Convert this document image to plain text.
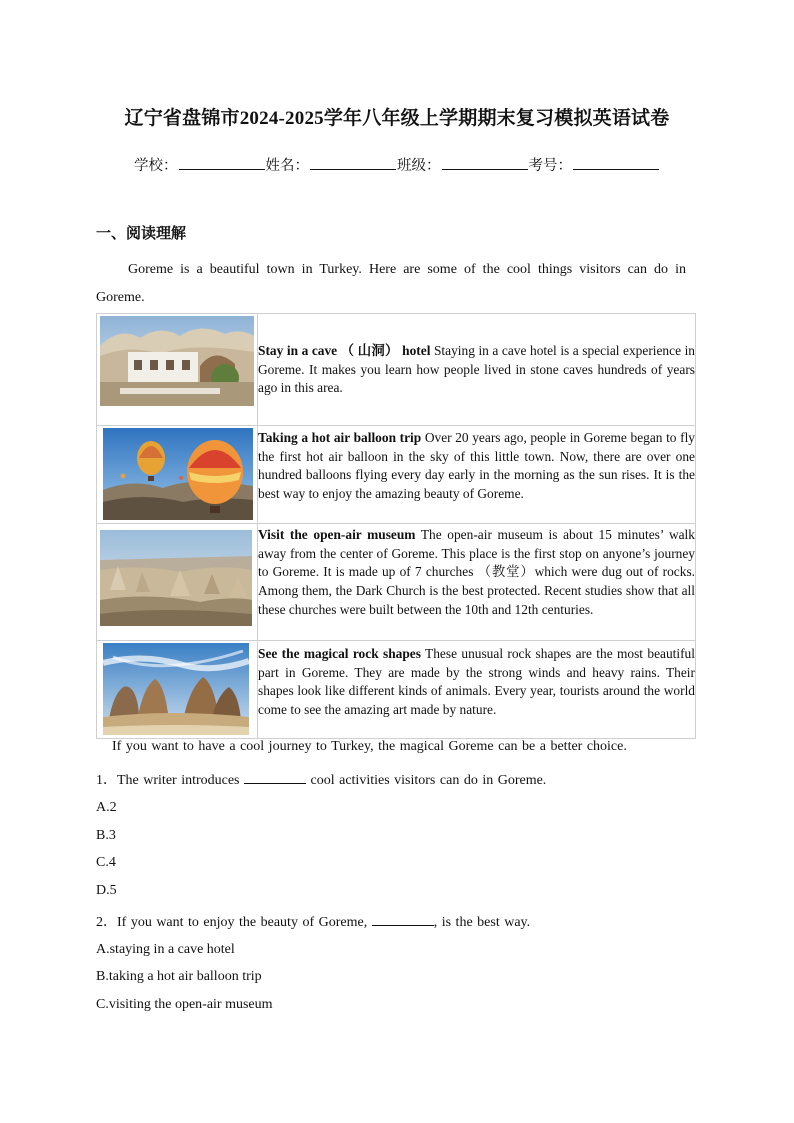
辽宁省盘锦市2024-2025学年八年级上学期期末复习模拟英语试卷
学校：	姓名：	班级：	考号：
一、阅读理解
Goreme is a beautiful town in Turkey. Here are some of the cool things visitors can do in Goreme.
	Stay in a cave （ 山洞） hotel Staying in a cave hotel is a special experience in Goreme. It makes you learn how people lived in stone caves hundreds of years ago in this area.

	Taking a hot air balloon trip Over 20 years ago, people in Goreme began to fly the first hot air balloon in the sky of this little town. Now, there are over one hundred balloons flying every day early in the morning as the sun rises. It is the best way to enjoy the amazing beauty of Goreme.

	Visit the open-air museum The open-air museum is about 15 minutes’ walk away from the center of Goreme. This place is the first stop on anyone’s journey to Goreme. It is made up of 7 churches （教堂）which were dug out of rocks. Among them, the Dark Church is the best protected. Recent studies show that all these churches were built between the 10th and 12th centuries.

	See the magical rock shapes These unusual rock shapes are the most beautiful part in Goreme. They are made by the strong winds and heavy rains. Their shapes look like different kinds of animals. Every year, tourists around the world come to see the amazing art made by nature.
If you want to have a cool journey to Turkey, the magical Goreme can be a better choice.
1．The writer introduces	cool activities visitors can do in Goreme.
A.2
B.3
C.4
D.5
2．If you want to enjoy the beauty of Goreme,	, is the best way.
A.staying in a cave hotel
B.taking a hot air balloon trip
C.visiting the open-air museum
